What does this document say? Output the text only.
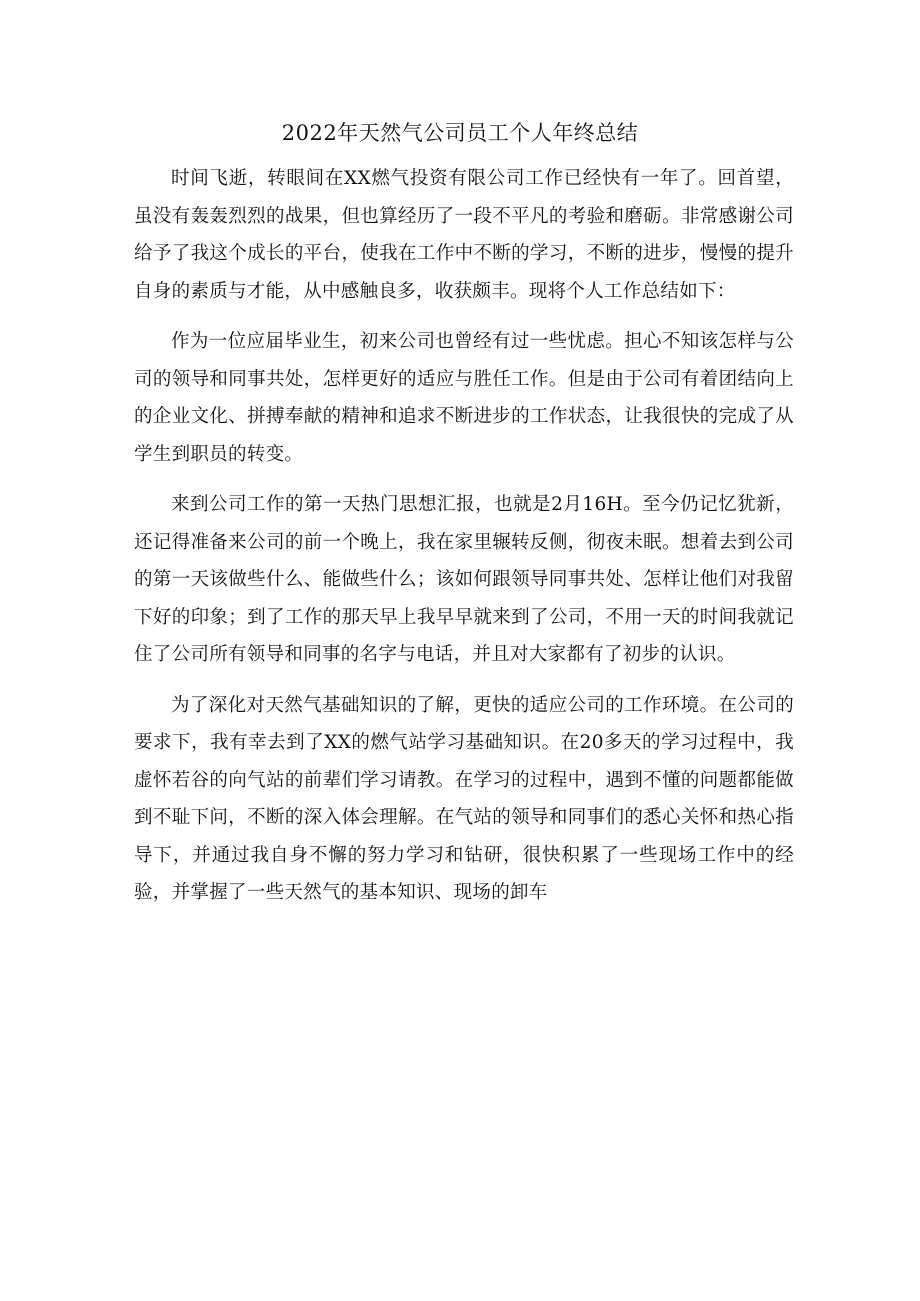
2022年天然气公司员工个人年终总结

时间飞逝，转眼间在XX燃气投资有限公司工作已经快有一年了。回首望，虽没有轰轰烈烈的战果，但也算经历了一段不平凡的考验和磨砺。非常感谢公司给予了我这个成长的平台，使我在工作中不断的学习，不断的进步，慢慢的提升自身的素质与才能，从中感触良多，收获颇丰。现将个人工作总结如下：

作为一位应届毕业生，初来公司也曾经有过一些忧虑。担心不知该怎样与公司的领导和同事共处，怎样更好的适应与胜任工作。但是由于公司有着团结向上的企业文化、拼搏奉献的精神和追求不断进步的工作状态，让我很快的完成了从学生到职员的转变。

来到公司工作的第一天热门思想汇报，也就是2月16H。至今仍记忆犹新，还记得准备来公司的前一个晚上，我在家里辗转反侧，彻夜未眠。想着去到公司的第一天该做些什么、能做些什么；该如何跟领导同事共处、怎样让他们对我留下好的印象；到了工作的那天早上我早早就来到了公司，不用一天的时间我就记住了公司所有领导和同事的名字与电话，并且对大家都有了初步的认识。

为了深化对天然气基础知识的了解，更快的适应公司的工作环境。在公司的要求下，我有幸去到了XX的燃气站学习基础知识。在20多天的学习过程中，我虚怀若谷的向气站的前辈们学习请教。在学习的过程中，遇到不懂的问题都能做到不耻下问，不断的深入体会理解。在气站的领导和同事们的悉心关怀和热心指导下，并通过我自身不懈的努力学习和钻研，很快积累了一些现场工作中的经验，并掌握了一些天然气的基本知识、现场的卸车
